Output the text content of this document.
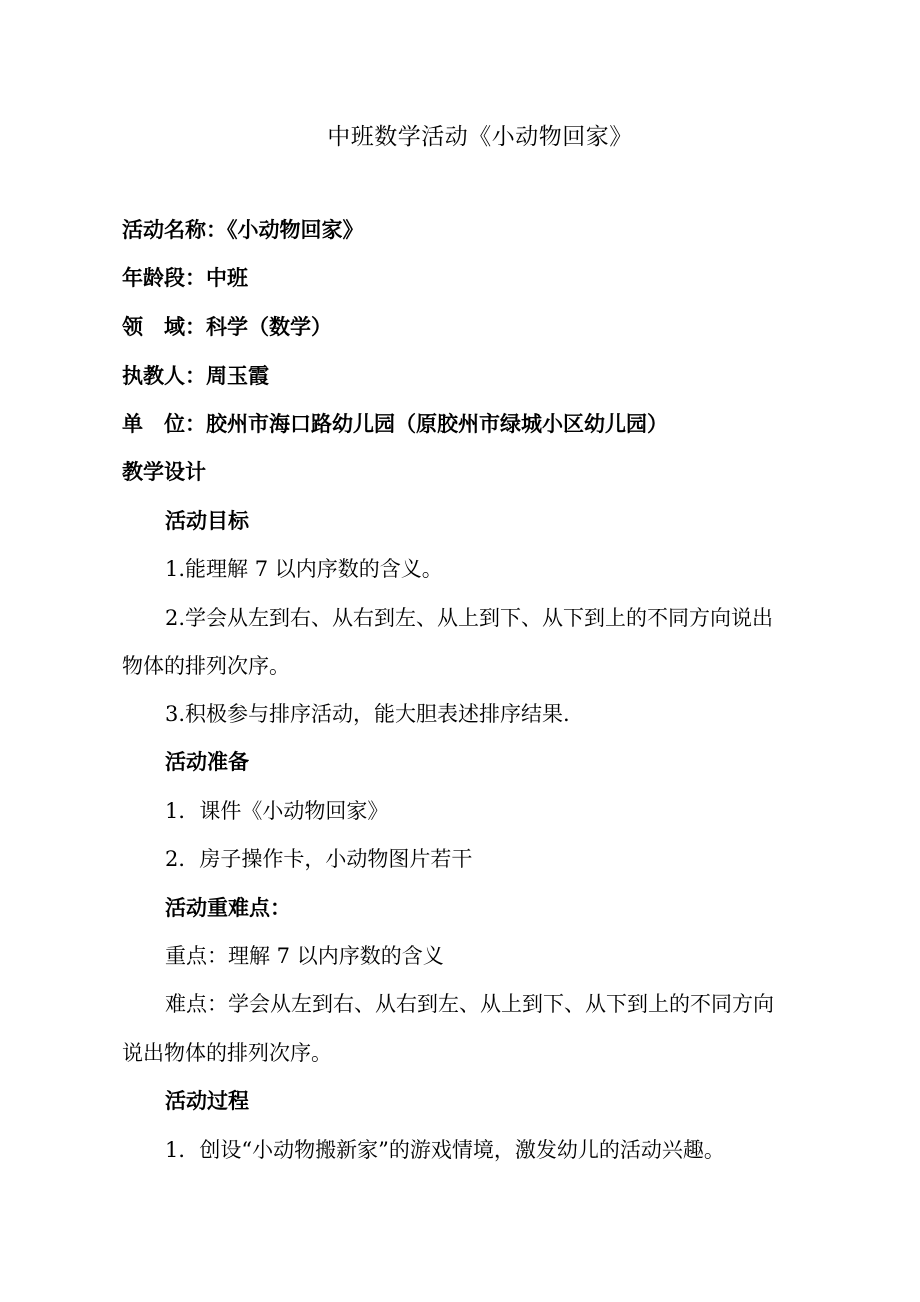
中班数学活动《小动物回家》
活动名称：《小动物回家》
年龄段：中班
领　域：科学（数学）
执教人：周玉霞
单　位：胶州市海口路幼儿园（原胶州市绿城小区幼儿园）
教学设计
活动目标
1.能理解 7 以内序数的含义。
2.学会从左到右、从右到左、从上到下、从下到上的不同方向说出
物体的排列次序。
3.积极参与排序活动，能大胆表述排序结果.
活动准备
1．课件《小动物回家》
2．房子操作卡，小动物图片若干
活动重难点：
重点：理解 7 以内序数的含义
难点：学会从左到右、从右到左、从上到下、从下到上的不同方向
说出物体的排列次序。
活动过程
1．创设“小动物搬新家”的游戏情境，激发幼儿的活动兴趣。
